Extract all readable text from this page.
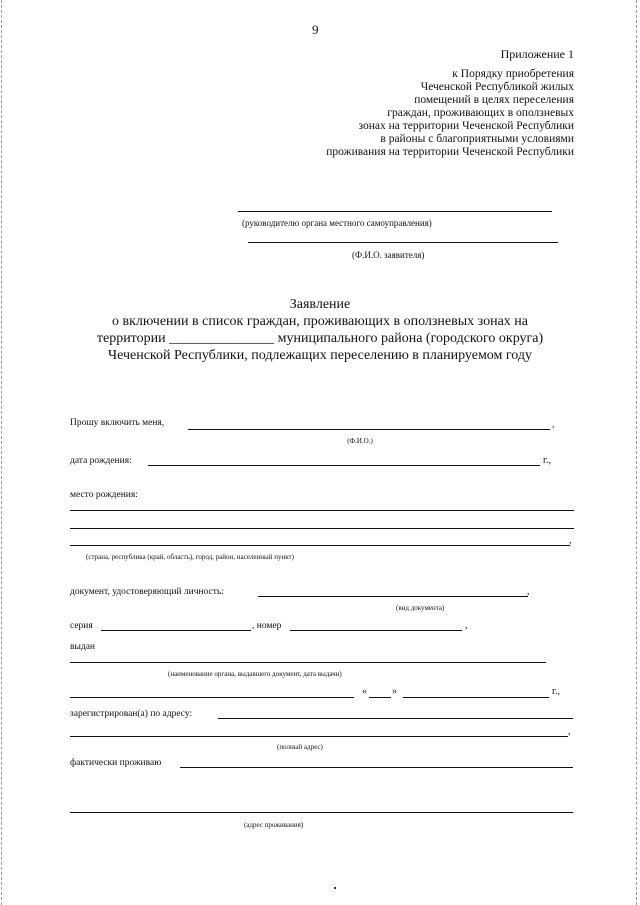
9
Приложение 1
к Порядку приобретения
Чеченской Республикой жилых
помещений в целях переселения
граждан, проживающих в оползневых
зонах на территории Чеченской Республики
в районы с благоприятными условиями
проживания на территории Чеченской Республики
(руководителю органа местного самоуправления)
(Ф.И.О. заявителя)
Заявление
о включении в список граждан, проживающих в оползневых зонах на
территории _______________ муниципального района (городского округа)
Чеченской Республики, подлежащих переселению в планируемом году
Прошу включить меня,	,
(Ф.И.О.)
дата рождения:	г.,
место рождения:
,
(страна, республика (край, область), город, район, населенный пункт)
документ, удостоверяющий личность:	,
(вид документа)
серия	, номер	,
выдан
(наименование органа, выдавшего документ, дата выдачи)
«	»	г.,
зарегистрирован(а) по адресу:
,
(полный адрес)
фактически проживаю
(адрес проживания)
